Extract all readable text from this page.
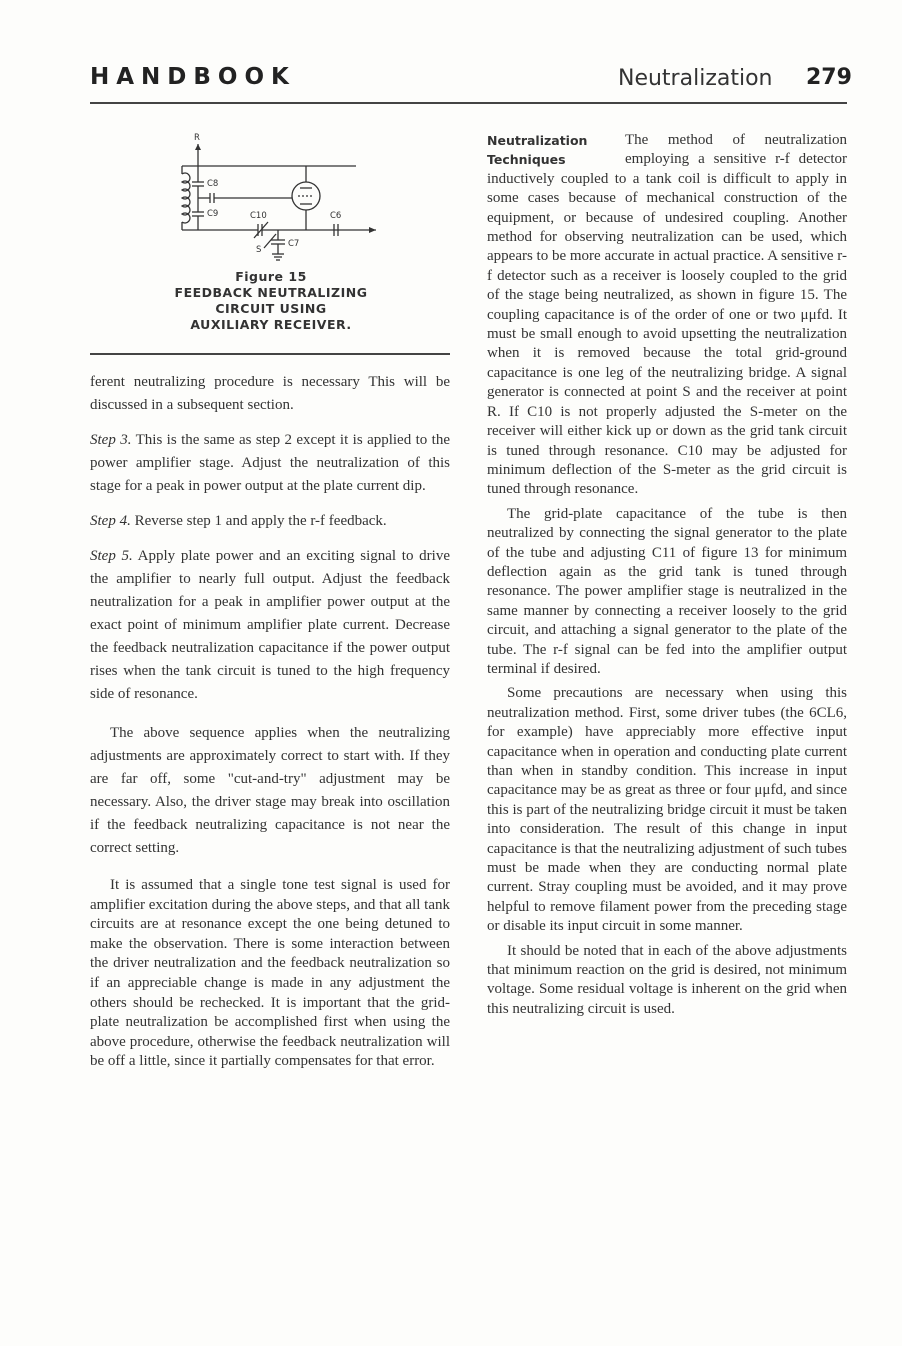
HANDBOOK	Neutralization 279
R
C8
C9	C10	C6
C7
S
Figure 15
FEEDBACK NEUTRALIZING
CIRCUIT USING
AUXILIARY RECEIVER.

ferent neutralizing procedure is necessary This will be discussed in a subsequent section.

Step 3. This is the same as step 2 except it is applied to the power amplifier stage. Adjust the neutralization of this stage for a peak in power output at the plate current dip.

Step 4. Reverse step 1 and apply the r-f feedback.

Step 5. Apply plate power and an exciting signal to drive the amplifier to nearly full output. Adjust the feedback neutralization for a peak in amplifier power output at the exact point of minimum amplifier plate current. Decrease the feedback neutralization capacitance if the power output rises when the tank circuit is tuned to the high frequency side of resonance.

The above sequence applies when the neutralizing adjustments are approximately correct to start with. If they are far off, some "cut-and-try" adjustment may be necessary. Also, the driver stage may break into oscillation if the feedback neutralizing capacitance is not near the correct setting.

It is assumed that a single tone test signal is used for amplifier excitation during the above steps, and that all tank circuits are at resonance except the one being detuned to make the observation. There is some interaction between the driver neutralization and the feedback neutralization so if an appreciable change is made in any adjustment the others should be rechecked. It is important that the grid-plate neutralization be accomplished first when using the above procedure, otherwise the feedback neutralization will be off a little, since it partially compensates for that error.

Neutralization
Techniques

The method of neutralization employing a sensitive r-f detector inductively coupled to a tank coil is difficult to apply in some cases because of mechanical construction of the equipment, or because of undesired coupling. Another method for observing neutralization can be used, which appears to be more accurate in actual practice. A sensitive r-f detector such as a receiver is loosely coupled to the grid of the stage being neutralized, as shown in figure 15. The coupling capacitance is of the order of one or two μμfd. It must be small enough to avoid upsetting the neutralization when it is removed because the total grid-ground capacitance is one leg of the neutralizing bridge. A signal generator is connected at point S and the receiver at point R. If C10 is not properly adjusted the S-meter on the receiver will either kick up or down as the grid tank circuit is tuned through resonance. C10 may be adjusted for minimum deflection of the S-meter as the grid circuit is tuned through resonance.

The grid-plate capacitance of the tube is then neutralized by connecting the signal generator to the plate of the tube and adjusting C11 of figure 13 for minimum deflection again as the grid tank is tuned through resonance. The power amplifier stage is neutralized in the same manner by connecting a receiver loosely to the grid circuit, and attaching a signal generator to the plate of the tube. The r-f signal can be fed into the amplifier output terminal if desired.

Some precautions are necessary when using this neutralization method. First, some driver tubes (the 6CL6, for example) have appreciably more effective input capacitance when in operation and conducting plate current than when in standby condition. This increase in input capacitance may be as great as three or four μμfd, and since this is part of the neutralizing bridge circuit it must be taken into consideration. The result of this change in input capacitance is that the neutralizing adjustment of such tubes must be made when they are conducting normal plate current. Stray coupling must be avoided, and it may prove helpful to remove filament power from the preceding stage or disable its input circuit in some manner.

It should be noted that in each of the above adjustments that minimum reaction on the grid is desired, not minimum voltage. Some residual voltage is inherent on the grid when this neutralizing circuit is used.
